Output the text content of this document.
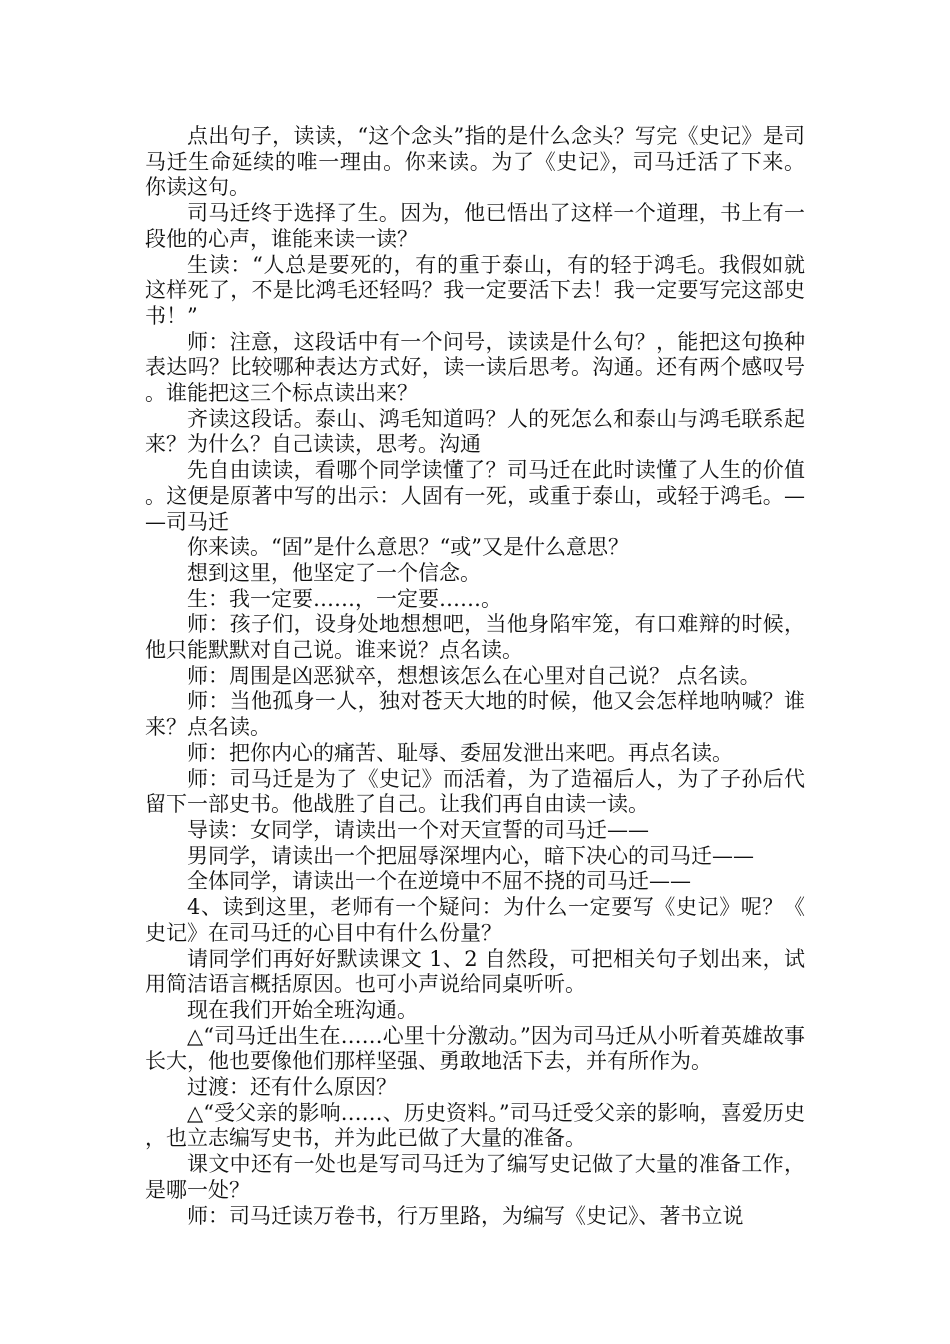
点出句子，读读，“这个念头”指的是什么念头？写完《史记》是司马迁生命延续的唯一理由。你来读。为了《史记》，司马迁活了下来。你读这句。

司马迁终于选择了生。因为，他已悟出了这样一个道理，书上有一段他的心声，谁能来读一读？

生读：“人总是要死的，有的重于泰山，有的轻于鸿毛。我假如就这样死了，不是比鸿毛还轻吗？我一定要活下去！我一定要写完这部史书！”

师：注意，这段话中有一个问号，读读是什么句？，能把这句换种表达吗？比较哪种表达方式好，读一读后思考。沟通。还有两个感叹号。谁能把这三个标点读出来？

齐读这段话。泰山、鸿毛知道吗？人的死怎么和泰山与鸿毛联系起来？为什么？自己读读，思考。沟通

先自由读读，看哪个同学读懂了？司马迁在此时读懂了人生的价值。这便是原著中写的出示：人固有一死，或重于泰山，或轻于鸿毛。——司马迁

你来读。“固”是什么意思？“或”又是什么意思？

想到这里，他坚定了一个信念。

生：我一定要……，一定要……。

师：孩子们，设身处地想想吧，当他身陷牢笼，有口难辩的时候，他只能默默对自己说。谁来说？点名读。

师：周围是凶恶狱卒，想想该怎么在心里对自己说？ 点名读。

师：当他孤身一人，独对苍天大地的时候，他又会怎样地呐喊？谁来？点名读。

师：把你内心的痛苦、耻辱、委屈发泄出来吧。再点名读。

师：司马迁是为了《史记》而活着，为了造福后人，为了子孙后代留下一部史书。他战胜了自己。让我们再自由读一读。

导读：女同学，请读出一个对天宣誓的司马迁——

男同学，请读出一个把屈辱深埋内心，暗下决心的司马迁——

全体同学，请读出一个在逆境中不屈不挠的司马迁——

4、读到这里，老师有一个疑问：为什么一定要写《史记》呢？《史记》在司马迁的心目中有什么份量？

请同学们再好好默读课文 1、2 自然段，可把相关句子划出来，试用简洁语言概括原因。也可小声说给同桌听听。

现在我们开始全班沟通。

△“司马迁出生在……心里十分激动。”因为司马迁从小听着英雄故事长大，他也要像他们那样坚强、勇敢地活下去，并有所作为。

过渡：还有什么原因？

△“受父亲的影响……、历史资料。”司马迁受父亲的影响，喜爱历史，也立志编写史书，并为此已做了大量的准备。

课文中还有一处也是写司马迁为了编写史记做了大量的准备工作，是哪一处？

师：司马迁读万卷书，行万里路，为编写《史记》、著书立说
